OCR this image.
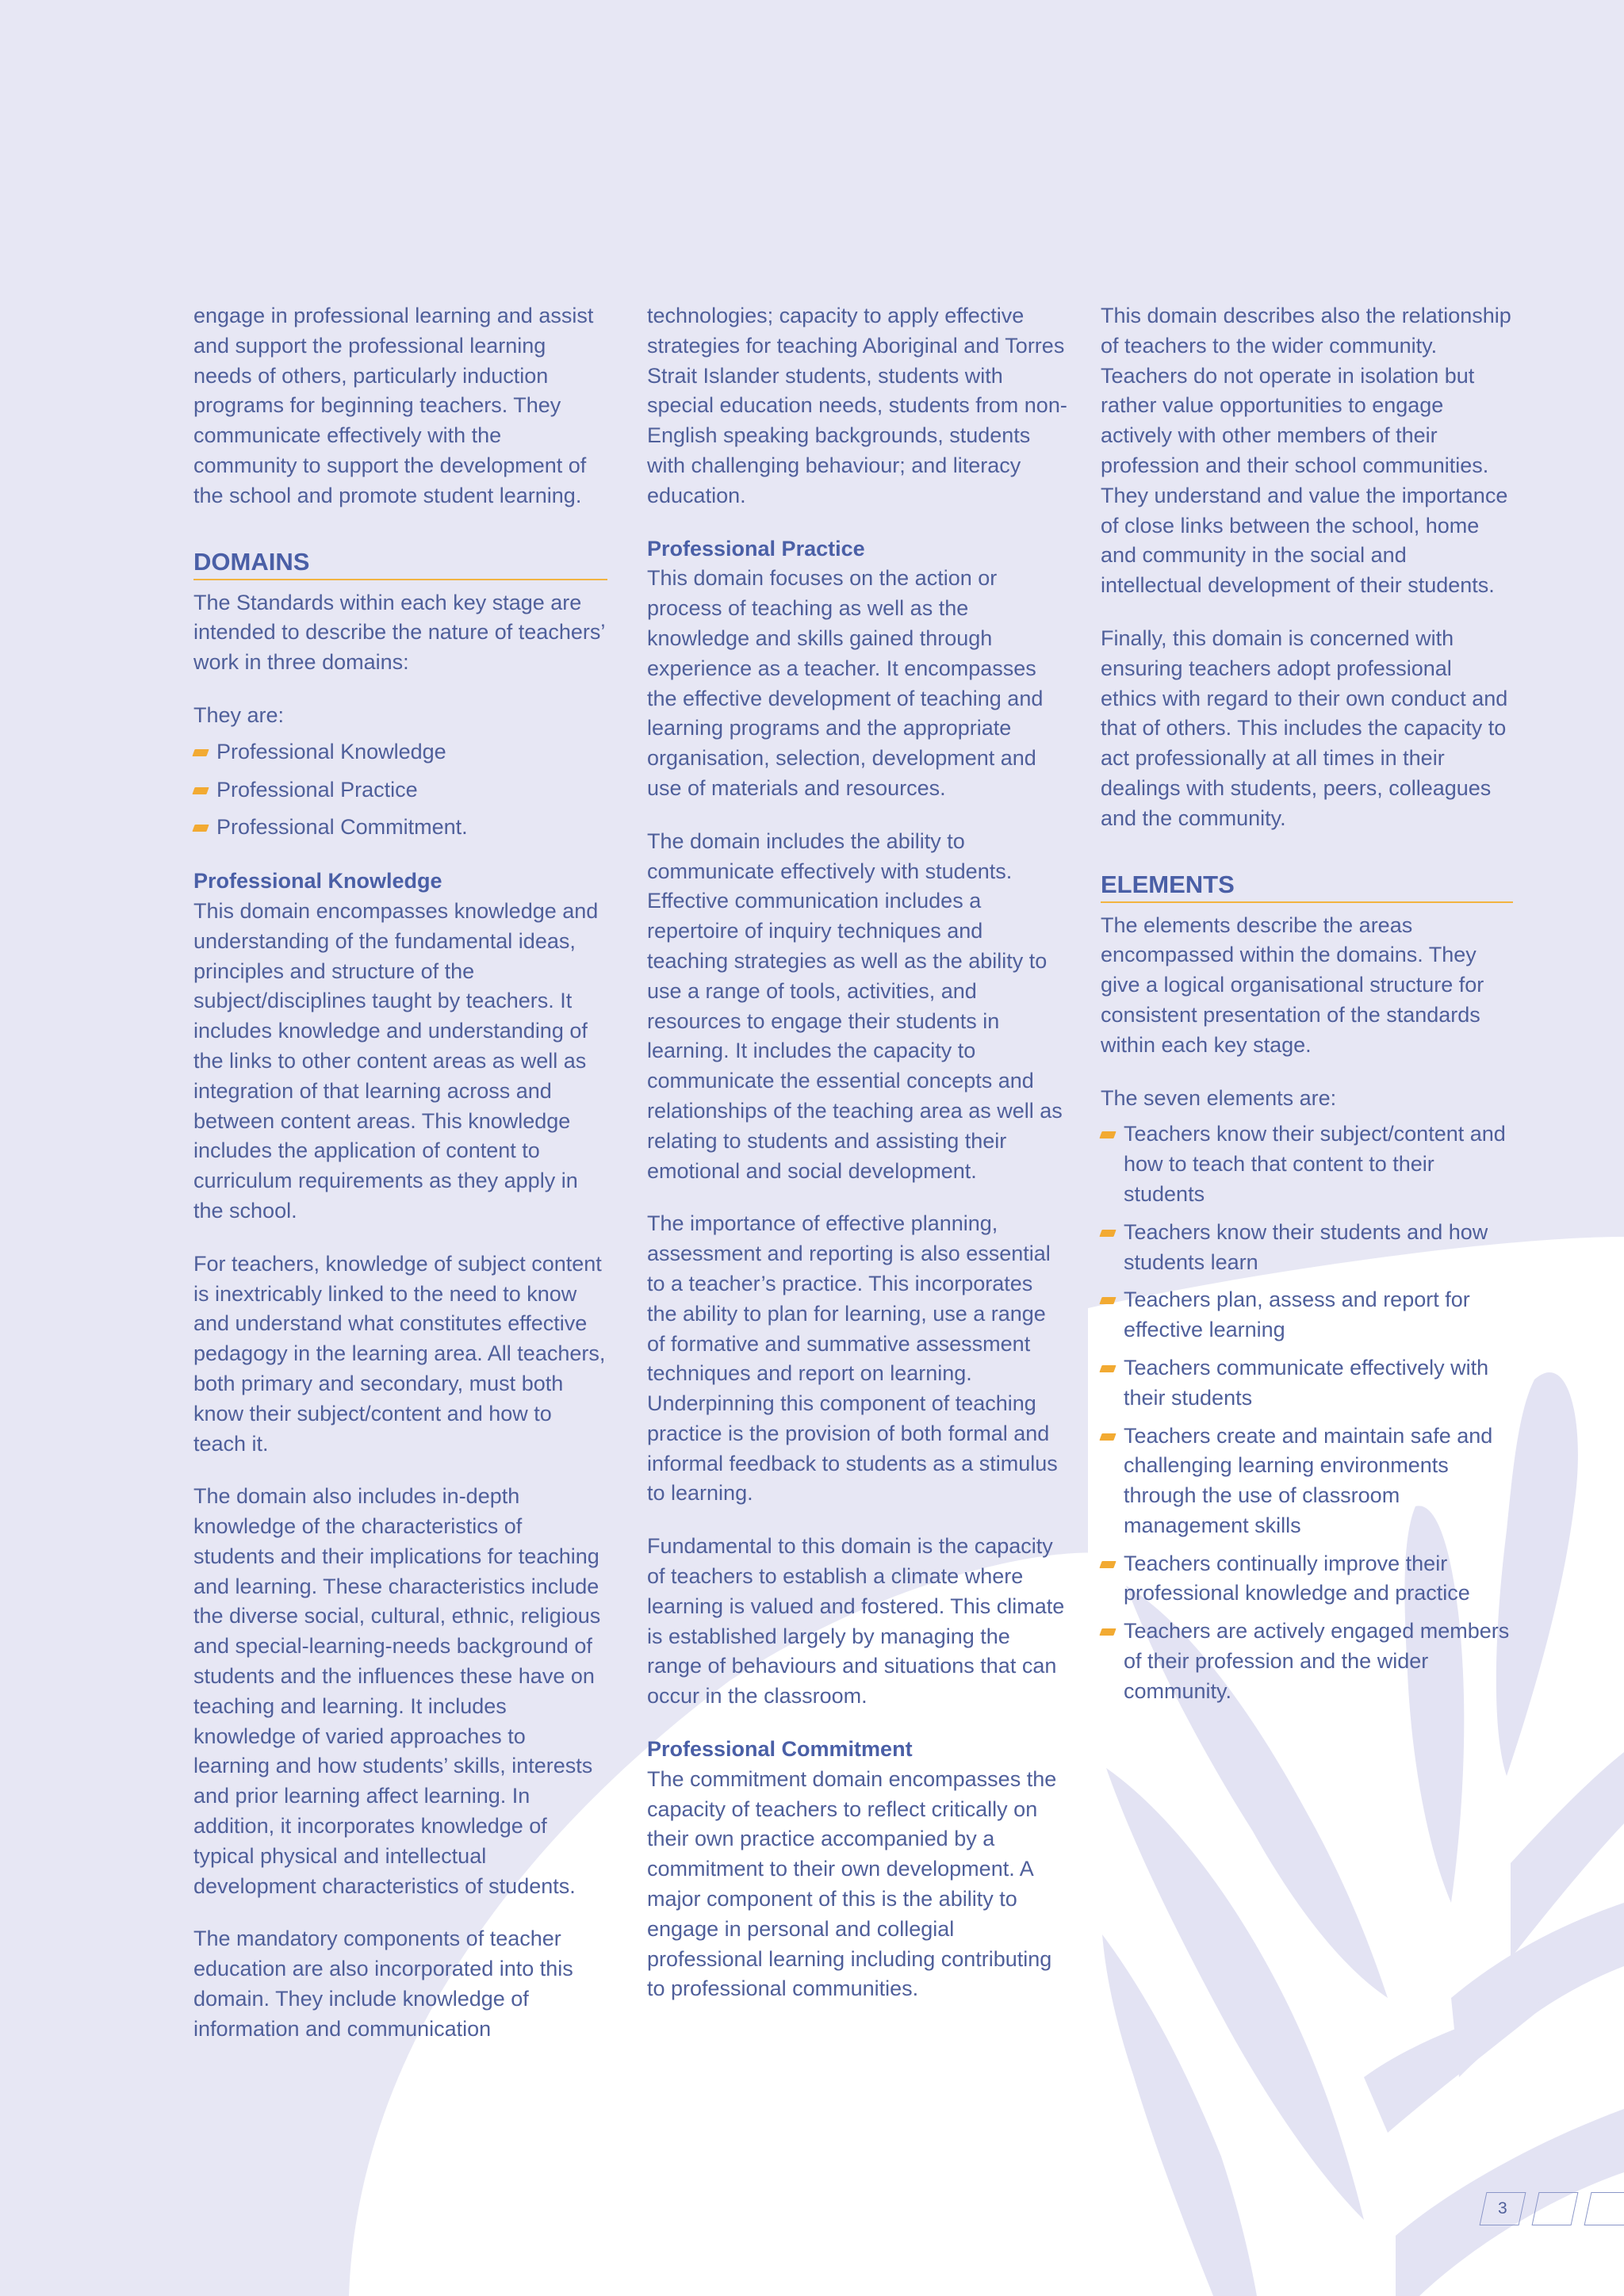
engage in professional learning and assist and support the professional learning needs of others, particularly induction programs for beginning teachers. They communicate effectively with the community to support the development of the school and promote student learning.

DOMAINS

The Standards within each key stage are intended to describe the nature of teachers’ work in three domains:

They are:

Professional Knowledge
Professional Practice
Professional Commitment.
Professional Knowledge

This domain encompasses knowledge and understanding of the fundamental ideas, principles and structure of the subject/disciplines taught by teachers. It includes knowledge and understanding of the links to other content areas as well as integration of that learning across and between content areas. This knowledge includes the application of content to curriculum requirements as they apply in the school.

For teachers, knowledge of subject content is inextricably linked to the need to know and understand what constitutes effective pedagogy in the learning area. All teachers, both primary and secondary, must both know their subject/content and how to teach it.

The domain also includes in-depth knowledge of the characteristics of students and their implications for teaching and learning. These characteristics include the diverse social, cultural, ethnic, religious and special-learning-needs background of students and the influences these have on teaching and learning. It includes knowledge of varied approaches to learning and how students’ skills, interests and prior learning affect learning. In addition, it incorporates knowledge of typical physical and intellectual development characteristics of students.

The mandatory components of teacher education are also incorporated into this domain. They include knowledge of information and communication

technologies; capacity to apply effective strategies for teaching Aboriginal and Torres Strait Islander students, students with special education needs, students from non-English speaking backgrounds, students with challenging behaviour; and literacy education.

Professional Practice

This domain focuses on the action or process of teaching as well as the knowledge and skills gained through experience as a teacher. It encompasses the effective development of teaching and learning programs and the appropriate organisation, selection, development and use of materials and resources.

The domain includes the ability to communicate effectively with students. Effective communication includes a repertoire of inquiry techniques and teaching strategies as well as the ability to use a range of tools, activities, and resources to engage their students in learning. It includes the capacity to communicate the essential concepts and relationships of the teaching area as well as relating to students and assisting their emotional and social development.

The importance of effective planning, assessment and reporting is also essential to a teacher’s practice. This incorporates the ability to plan for learning, use a range of formative and summative assessment techniques and report on learning. Underpinning this component of teaching practice is the provision of both formal and informal feedback to students as a stimulus to learning.

Fundamental to this domain is the capacity of teachers to establish a climate where learning is valued and fostered. This climate is established largely by managing the range of behaviours and situations that can occur in the classroom.

Professional Commitment

The commitment domain encompasses the capacity of teachers to reflect critically on their own practice accompanied by a commitment to their own development. A major component of this is the ability to engage in personal and collegial professional learning including contributing to professional communities.

This domain describes also the relationship of teachers to the wider community. Teachers do not operate in isolation but rather value opportunities to engage actively with other members of their profession and their school communities. They understand and value the importance of close links between the school, home and community in the social and intellectual development of their students.

Finally, this domain is concerned with ensuring teachers adopt professional ethics with regard to their own conduct and that of others. This includes the capacity to act professionally at all times in their dealings with students, peers, colleagues and the community.

ELEMENTS

The elements describe the areas encompassed within the domains. They give a logical organisational structure for consistent presentation of the standards within each key stage.

The seven elements are:

Teachers know their subject/content and how to teach that content to their students
Teachers know their students and how students learn
Teachers plan, assess and report for effective learning
Teachers communicate effectively with their students
Teachers create and maintain safe and challenging learning environments through the use of classroom management skills
Teachers continually improve their professional knowledge and practice
Teachers are actively engaged members of their profession and the wider community.
3
